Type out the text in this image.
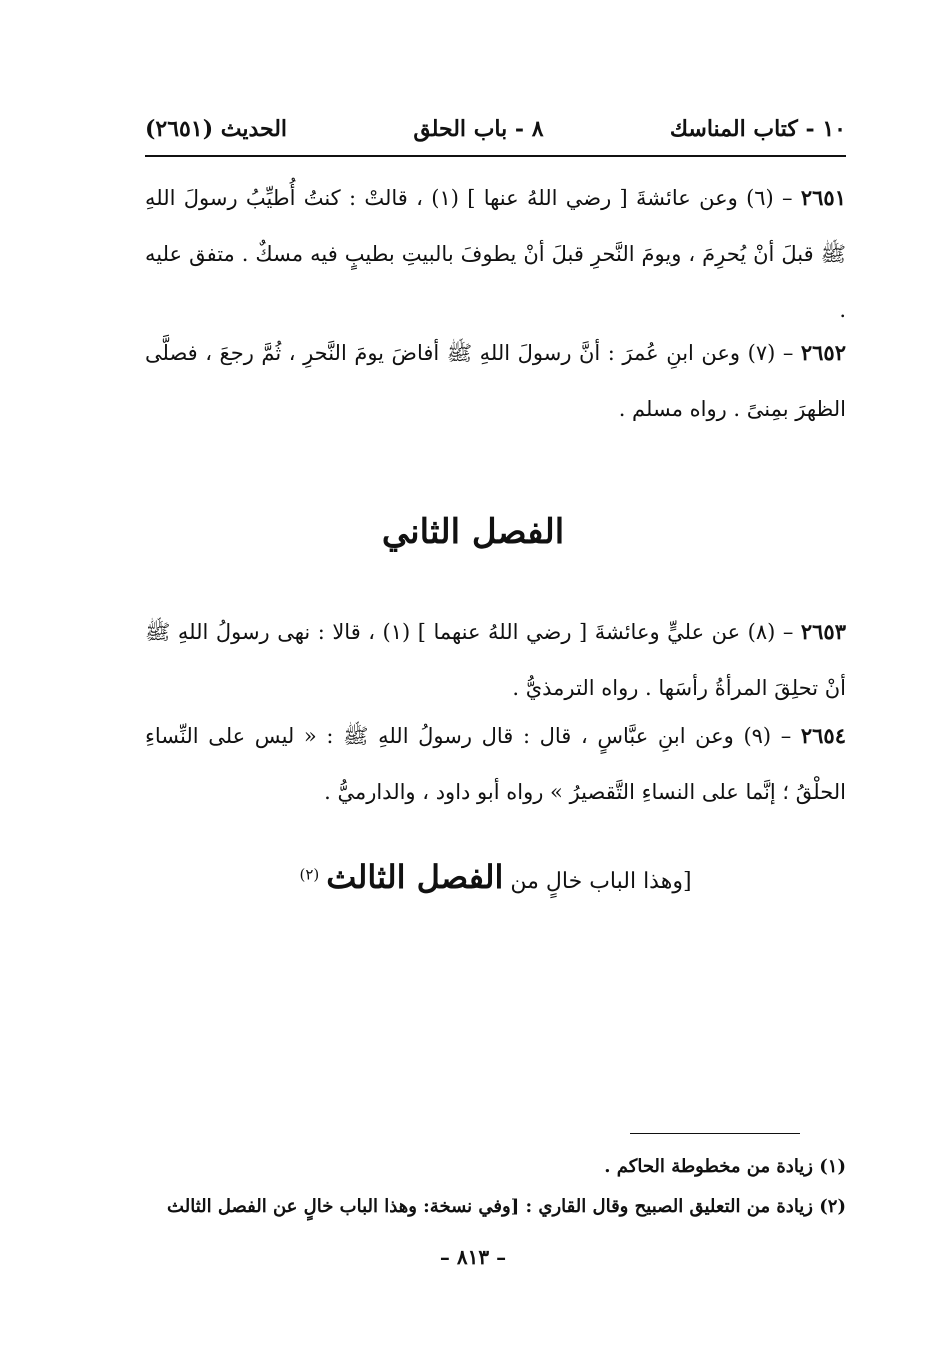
١٠ - كتاب المناسك
٨ - باب الحلق
الحديث (٢٦٥١)

٢٦٥١ – (٦) وعن عائشةَ [ رضي اللهُ عنها ] (١) ، قالتْ : كنتُ أُطيِّبُ رسولَ اللهِ ﷺ قبلَ أنْ يُحرِمَ ، ويومَ النَّحرِ قبلَ أنْ يطوفَ بالبيتِ بطيبٍ فيه مسكٌ . متفق عليه .

٢٦٥٢ – (٧) وعن ابنِ عُمرَ : أنَّ رسولَ اللهِ ﷺ أفاضَ يومَ النَّحرِ ، ثُمَّ رجعَ ، فصلَّى الظهرَ بمِنىً . رواه مسلم .

الفصل الثاني

٢٦٥٣ – (٨) عن عليٍّ وعائشةَ [ رضي اللهُ عنهما ] (١) ، قالا : نهى رسولُ اللهِ ﷺ أنْ تحلِقَ المرأةُ رأسَها . رواه الترمذيُّ .

٢٦٥٤ – (٩) وعن ابنِ عبَّاسٍ ، قال : قال رسولُ اللهِ ﷺ : « ليس على النِّساءِ الحلْقُ ؛ إنَّما على النساءِ التَّقصيرُ » رواه أبو داود ، والدارميُّ .

[وهذا الباب خالٍ من الفصل الثالث $^{(٢)}$

(١) زيادة من مخطوطة الحاكم .

(٢) زيادة من التعليق الصبيح وقال القاري : [وفي نسخة: وهذا الباب خالٍ عن الفصل الثالث

– ٨١٣ –
